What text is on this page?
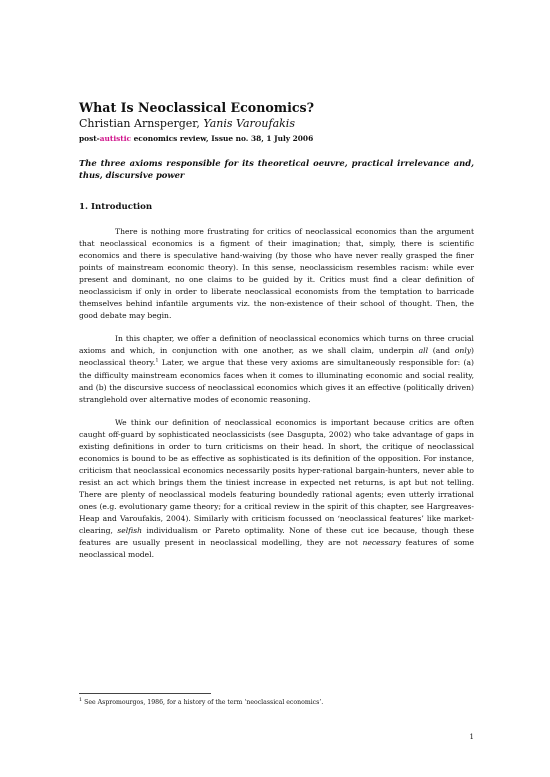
What Is Neoclassical Economics?

Christian Arnsperger, Yanis Varoufakis

post-autistic economics review, Issue no. 38, 1 July 2006

The three axioms responsible for its theoretical oeuvre, practical irrelevance and, thus, discursive power

1. Introduction

There is nothing more frustrating for critics of neoclassical economics than the argument that neoclassical economics is a figment of their imagination; that, simply, there is scientific economics and there is speculative hand-waiving (by those who have never really grasped the finer points of mainstream economic theory). In this sense, neoclassicism resembles racism: while ever present and dominant, no one claims to be guided by it. Critics must find a clear definition of neoclassicism if only in order to liberate neoclassical economists from the temptation to barricade themselves behind infantile arguments viz. the non-existence of their school of thought. Then, the good debate may begin.

In this chapter, we offer a definition of neoclassical economics which turns on three crucial axioms and which, in conjunction with one another, as we shall claim, underpin all (and only) neoclassical theory.$^1$ Later, we argue that these very axioms are simultaneously responsible for: (a) the difficulty mainstream economics faces when it comes to illuminating economic and social reality, and (b) the discursive success of neoclassical economics which gives it an effective (politically driven) stranglehold over alternative modes of economic reasoning.

We think our definition of neoclassical economics is important because critics are often caught off-guard by sophisticated neoclassicists (see Dasgupta, 2002) who take advantage of gaps in existing definitions in order to turn criticisms on their head. In short, the critique of neoclassical economics is bound to be as effective as sophisticated is its definition of the opposition. For instance, criticism that neoclassical economics necessarily posits hyper-rational bargain-hunters, never able to resist an act which brings them the tiniest increase in expected net returns, is apt but not telling. There are plenty of neoclassical models featuring boundedly rational agents; even utterly irrational ones (e.g. evolutionary game theory; for a critical review in the spirit of this chapter, see Hargreaves-Heap and Varoufakis, 2004). Similarly with criticism focussed on ‘neoclassical features’ like market-clearing, selfish individualism or Pareto optimality. None of these cut ice because, though these features are usually present in neoclassical modelling, they are not necessary features of some neoclassical model.

$^1$ See Aspromourgos, 1986, for a history of the term ‘neoclassical economics’.

1
